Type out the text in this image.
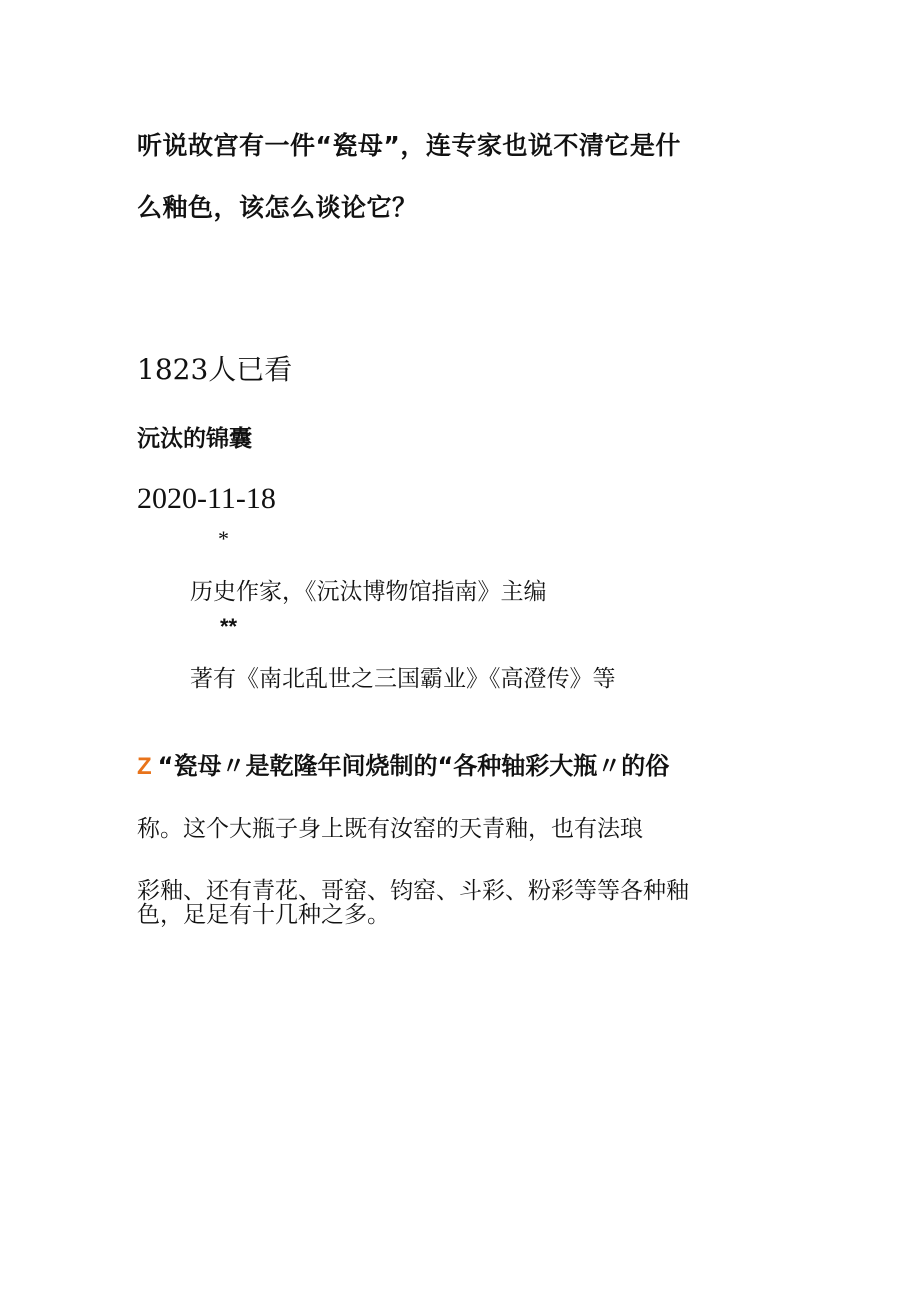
听说故宫有一件“瓷母”，连专家也说不清它是什
么釉色，该怎么谈论它？
1823人已看
沅汰的锦囊
2020-11-18
*
历史作家，《沅汰博物馆指南》主编
**
著有《南北乱世之三国霸业》《高澄传》等
Z “瓷母〃是乾隆年间烧制的“各种轴彩大瓶〃的俗
称。这个大瓶子身上既有汝窑的天青釉，也有法琅
彩釉、还有青花、哥窑、钧窑、斗彩、粉彩等等各种釉
色，足足有十几种之多。
